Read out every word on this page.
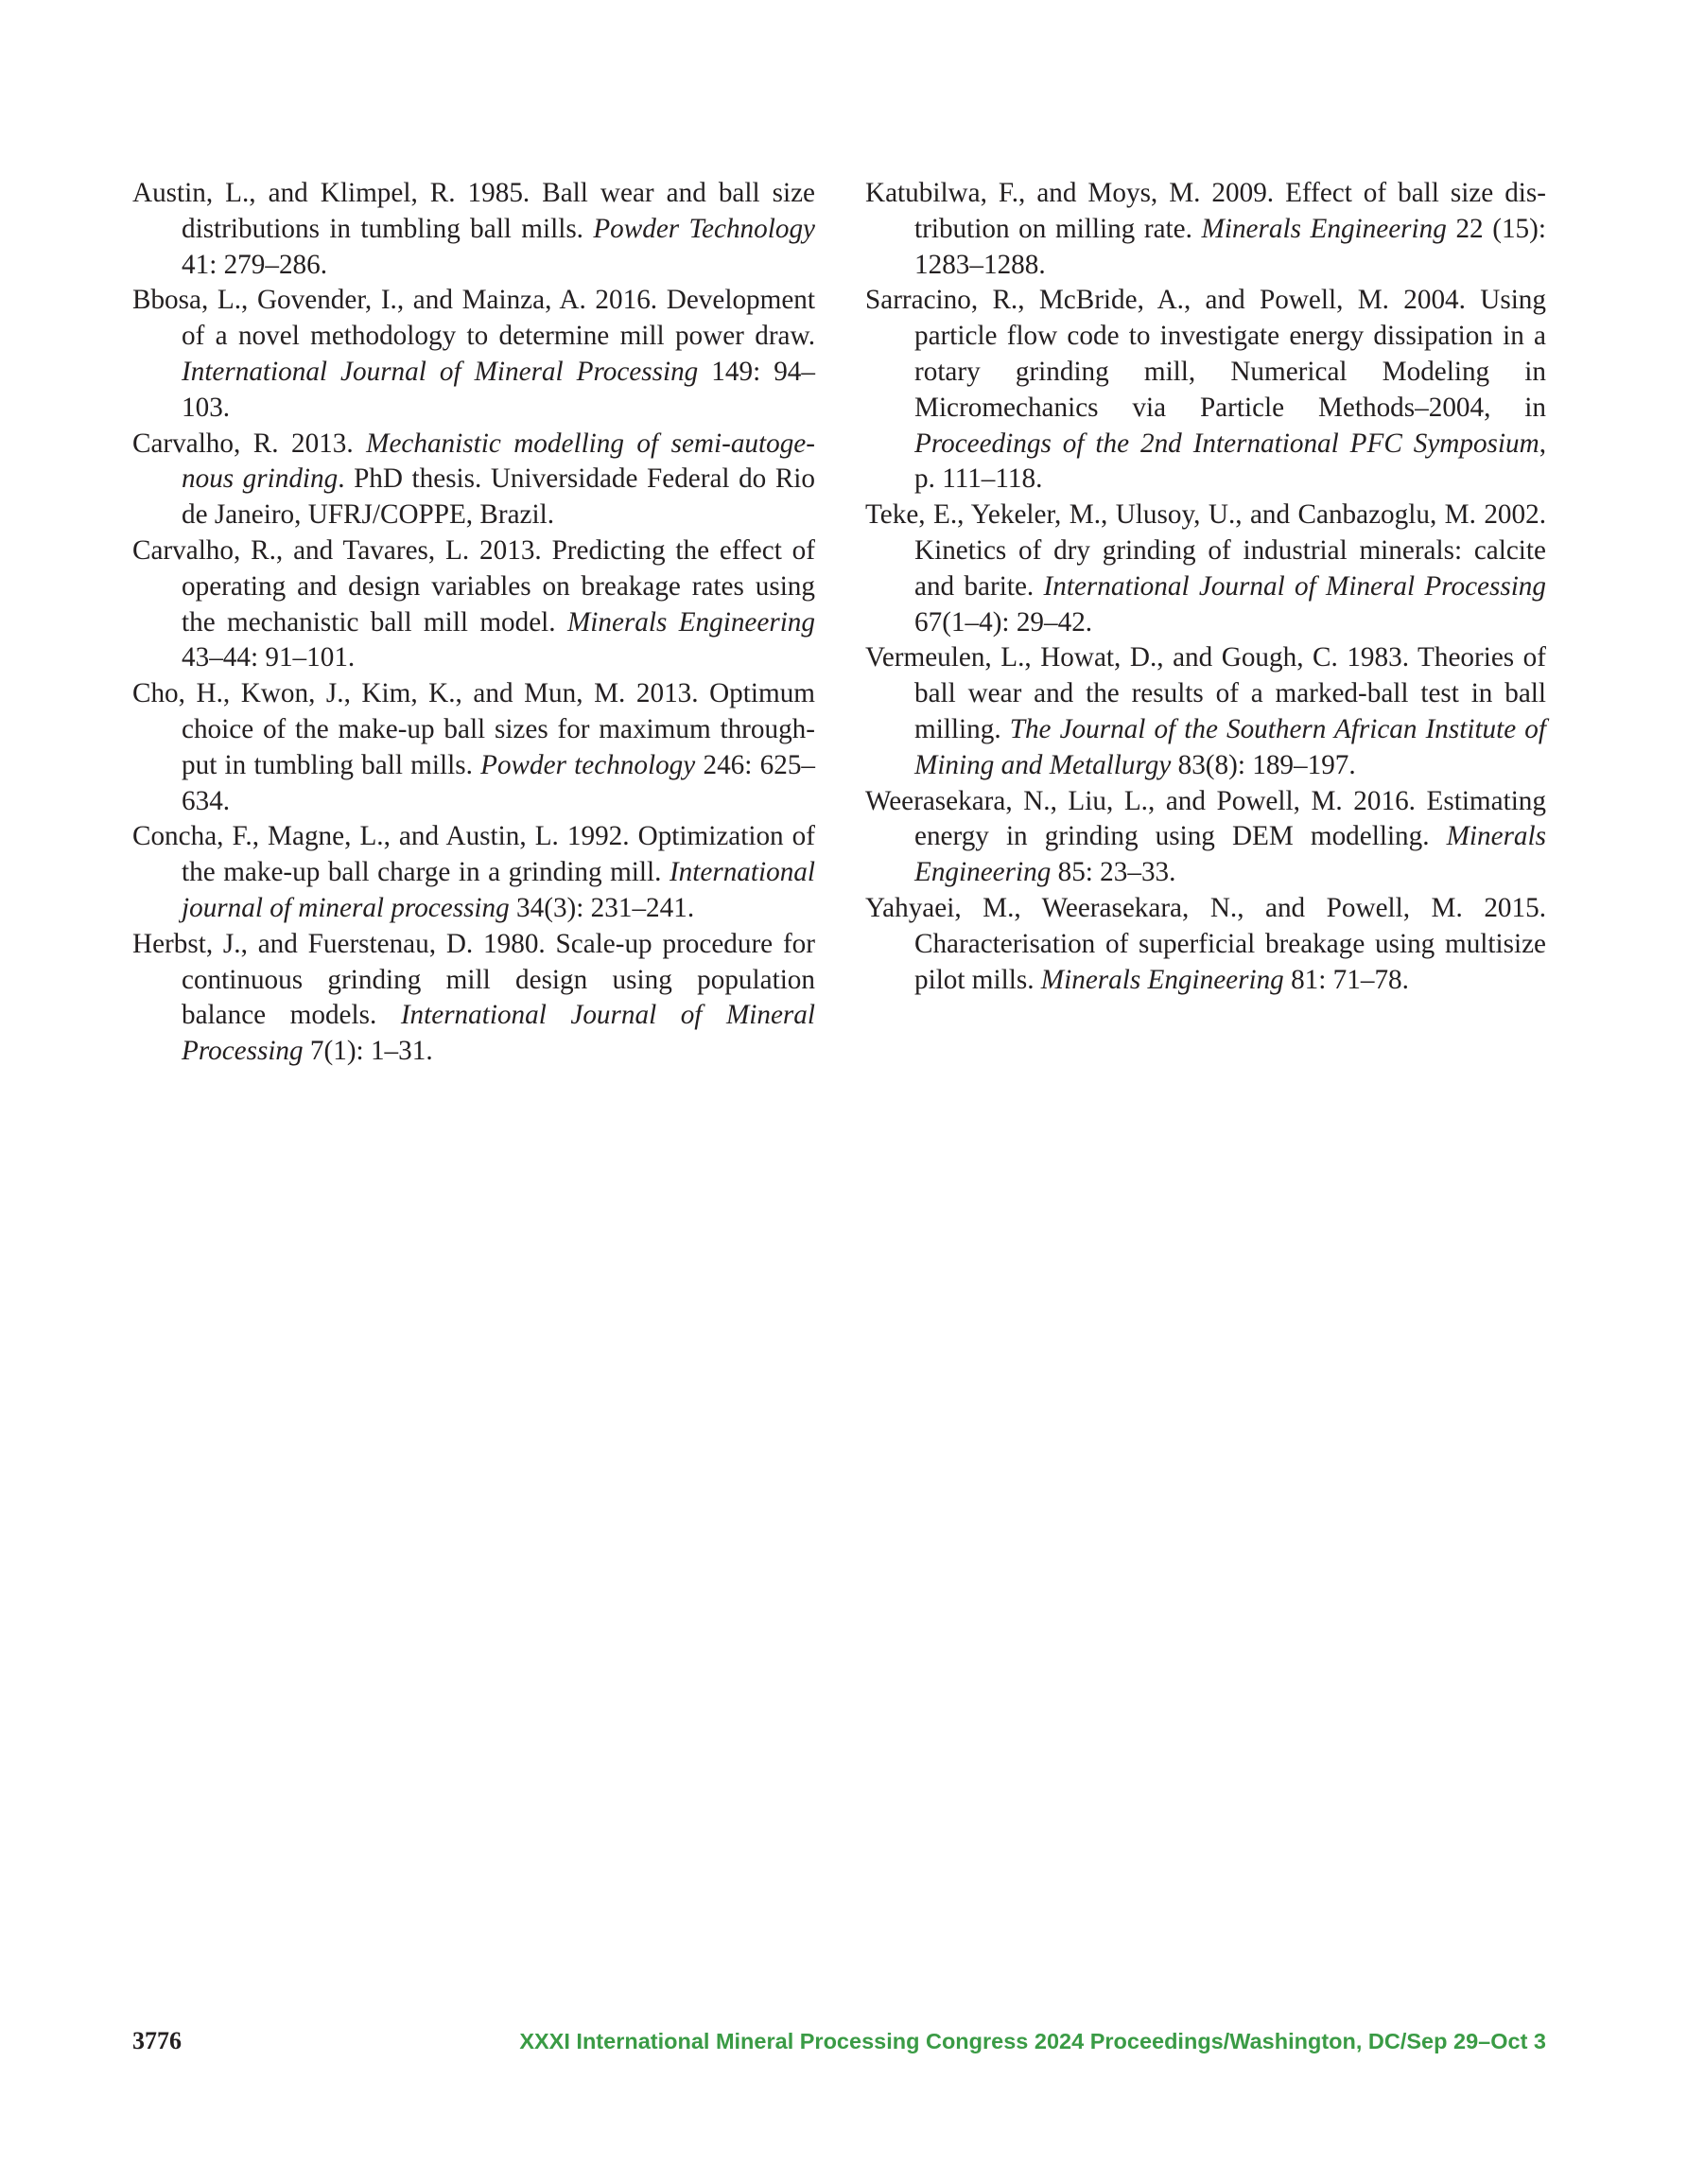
Austin, L., and Klimpel, R. 1985. Ball wear and ball size distributions in tumbling ball mills. Powder Technology 41: 279–286.

Bbosa, L., Govender, I., and Mainza, A. 2016. Development of a novel methodology to determine mill power draw. International Journal of Mineral Processing 149: 94–103.

Carvalho, R. 2013. Mechanistic modelling of semi-autogenous grinding. PhD thesis. Universidade Federal do Rio de Janeiro, UFRJ/COPPE, Brazil.

Carvalho, R., and Tavares, L. 2013. Predicting the effect of operating and design variables on breakage rates using the mechanistic ball mill model. Minerals Engineering 43–44: 91–101.

Cho, H., Kwon, J., Kim, K., and Mun, M. 2013. Optimum choice of the make-up ball sizes for maximum throughput in tumbling ball mills. Powder technology 246: 625–634.

Concha, F., Magne, L., and Austin, L. 1992. Optimization of the make-up ball charge in a grinding mill. International journal of mineral processing 34(3): 231–241.

Herbst, J., and Fuerstenau, D. 1980. Scale-up procedure for continuous grinding mill design using population balance models. International Journal of Mineral Processing 7(1): 1–31.

Katubilwa, F., and Moys, M. 2009. Effect of ball size distribution on milling rate. Minerals Engineering 22 (15): 1283–1288.

Sarracino, R., McBride, A., and Powell, M. 2004. Using particle flow code to investigate energy dissipation in a rotary grinding mill, Numerical Modeling in Micromechanics via Particle Methods–2004, in Proceedings of the 2nd International PFC Symposium, p. 111–118.

Teke, E., Yekeler, M., Ulusoy, U., and Canbazoglu, M. 2002. Kinetics of dry grinding of industrial minerals: calcite and barite. International Journal of Mineral Processing 67(1–4): 29–42.

Vermeulen, L., Howat, D., and Gough, C. 1983. Theories of ball wear and the results of a marked-ball test in ball milling. The Journal of the Southern African Institute of Mining and Metallurgy 83(8): 189–197.

Weerasekara, N., Liu, L., and Powell, M. 2016. Estimating energy in grinding using DEM modelling. Minerals Engineering 85: 23–33.

Yahyaei, M., Weerasekara, N., and Powell, M. 2015. Characterisation of superficial breakage using multisize pilot mills. Minerals Engineering 81: 71–78.

3776	XXXI International Mineral Processing Congress 2024 Proceedings/Washington, DC/Sep 29–Oct 3
